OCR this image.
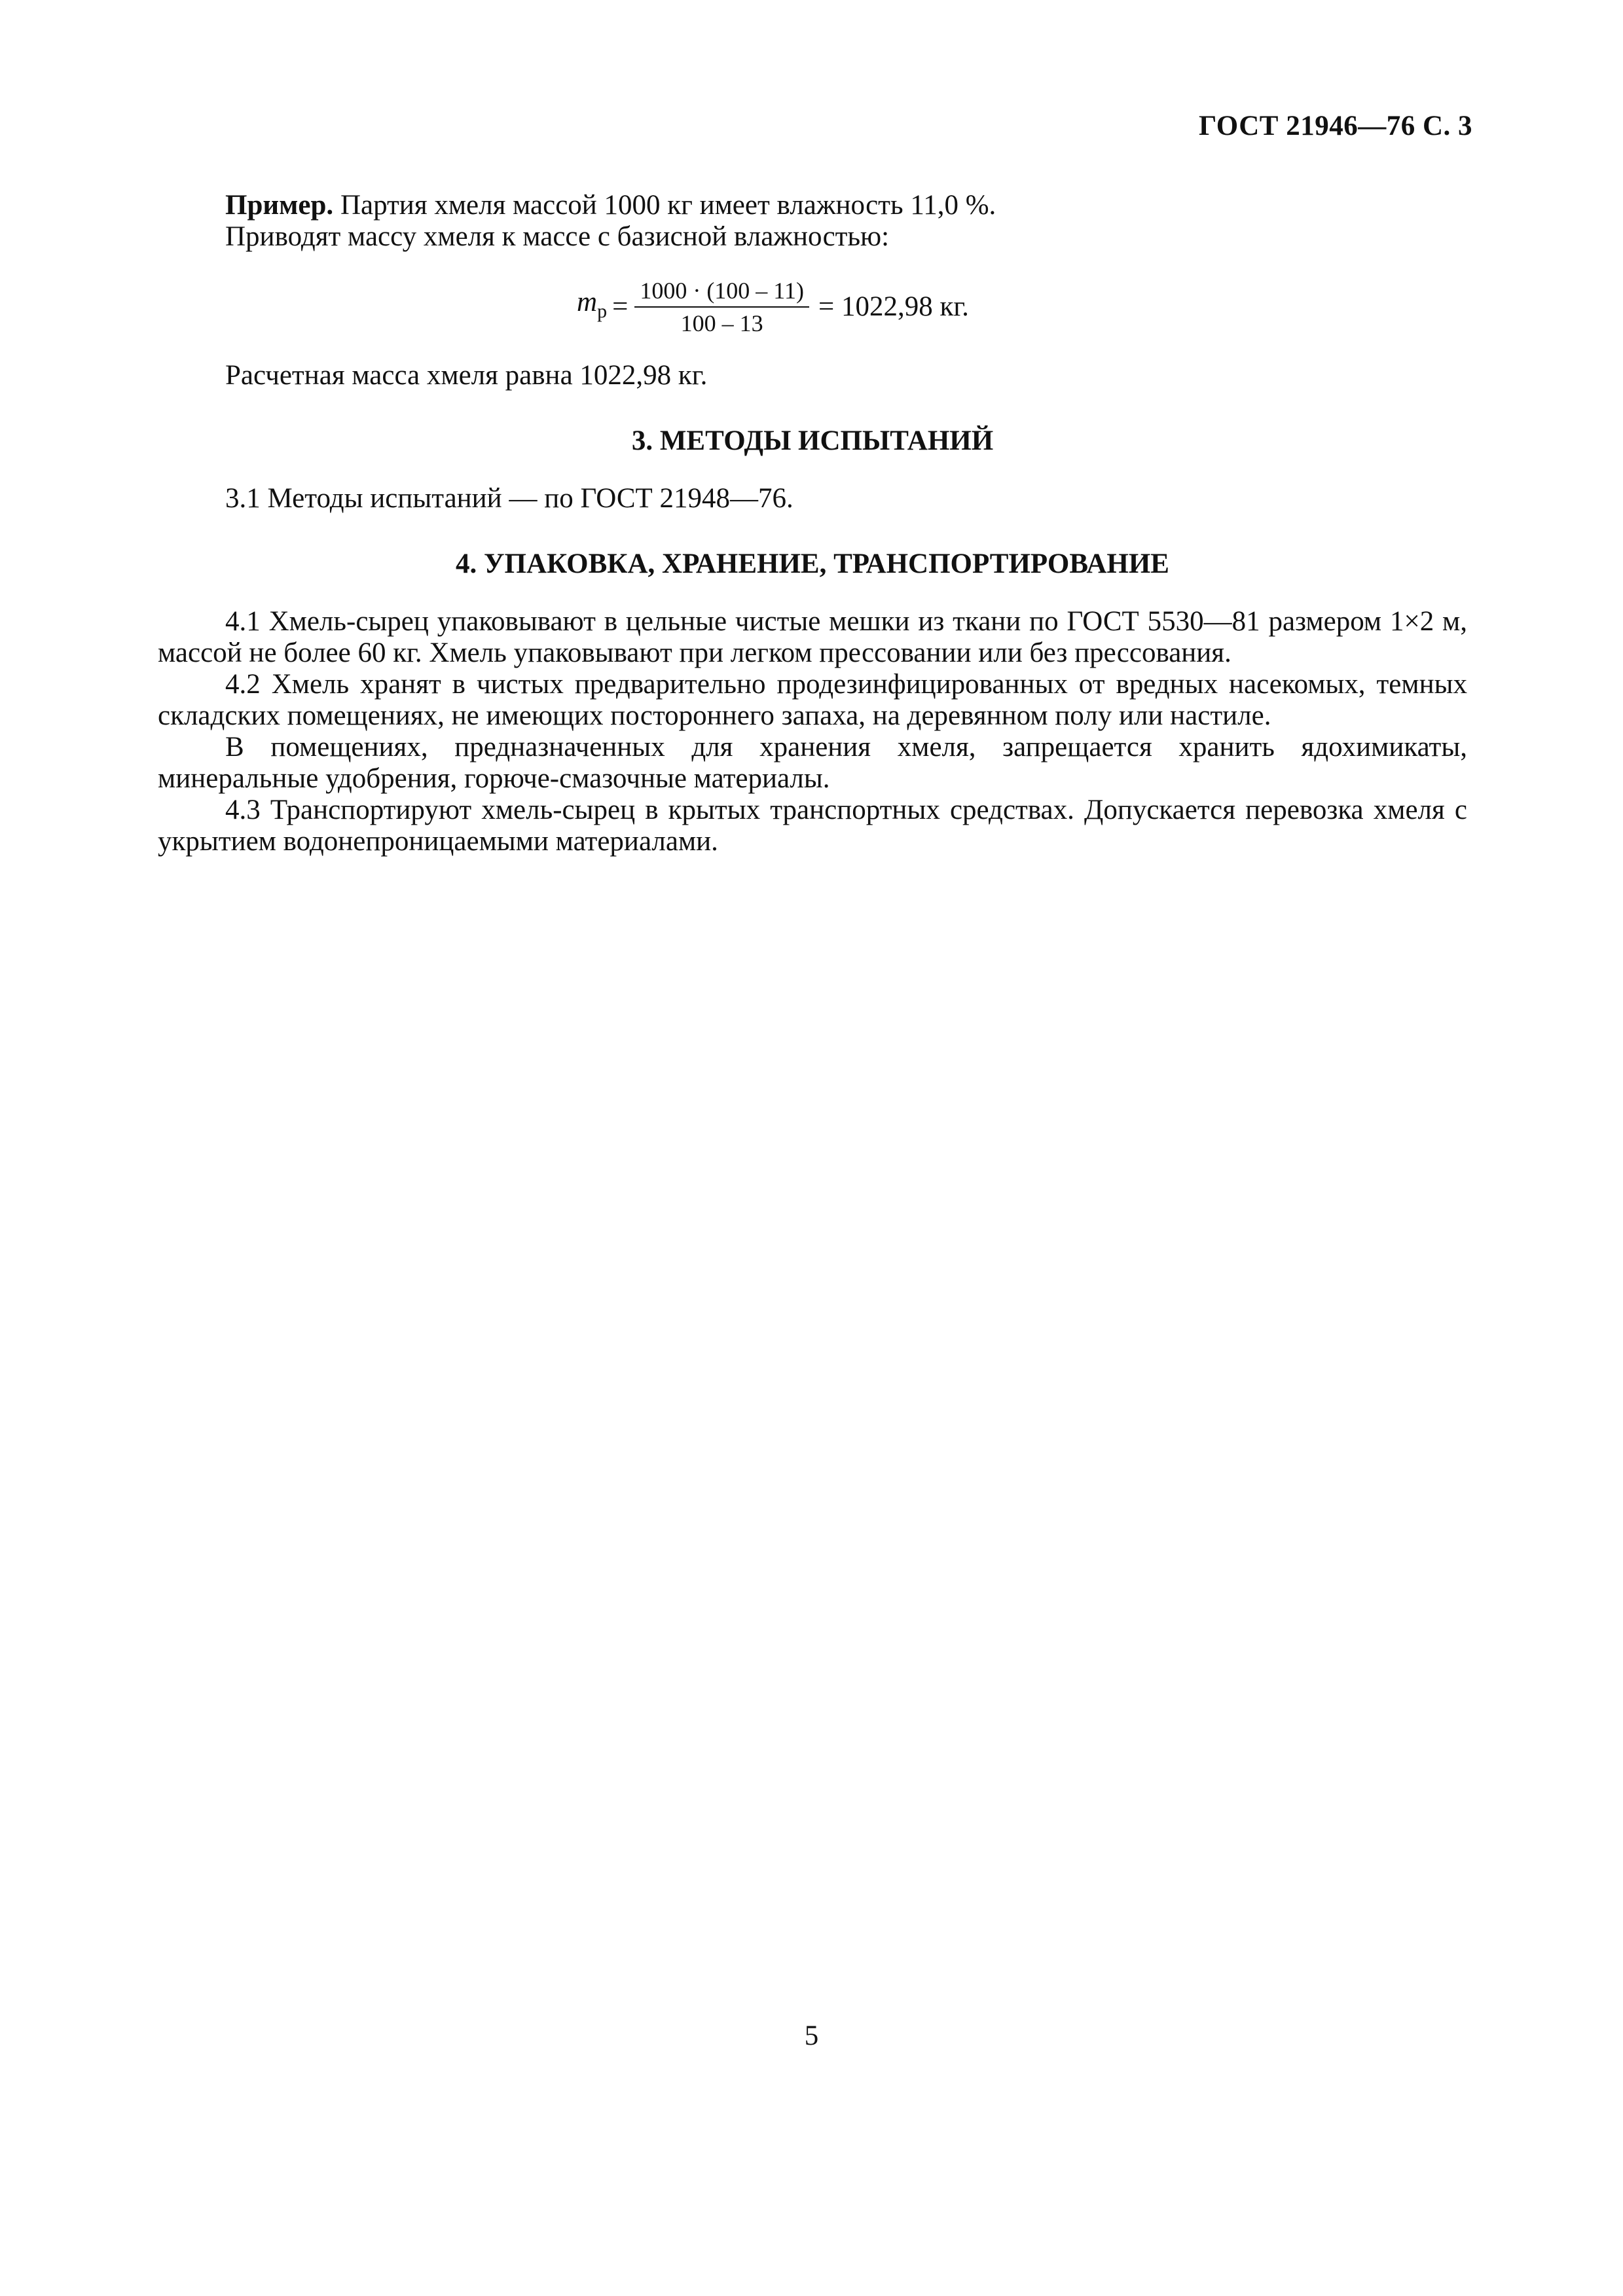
ГОСТ 21946—76 С. 3

Пример. Партия хмеля массой 1000 кг имеет влажность 11,0 %.

Приводят массу хмеля к массе с базисной влажностью:

$m_р = \frac{1000 \cdot (100 - 11)}{100 - 13} = 1022,98$ кг.

Расчетная масса хмеля равна 1022,98 кг.

3. МЕТОДЫ ИСПЫТАНИЙ

3.1 Методы испытаний — по ГОСТ 21948—76.

4. УПАКОВКА, ХРАНЕНИЕ, ТРАНСПОРТИРОВАНИЕ

4.1 Хмель-сырец упаковывают в цельные чистые мешки из ткани по ГОСТ 5530—81 размером 1×2 м, массой не более 60 кг. Хмель упаковывают при легком прессовании или без прессования.

4.2 Хмель хранят в чистых предварительно продезинфицированных от вредных насекомых, темных складских помещениях, не имеющих постороннего запаха, на деревянном полу или настиле.

В помещениях, предназначенных для хранения хмеля, запрещается хранить ядохимикаты, минеральные удобрения, горюче-смазочные материалы.

4.3 Транспортируют хмель-сырец в крытых транспортных средствах. Допускается перевозка хмеля с укрытием водонепроницаемыми материалами.

5
